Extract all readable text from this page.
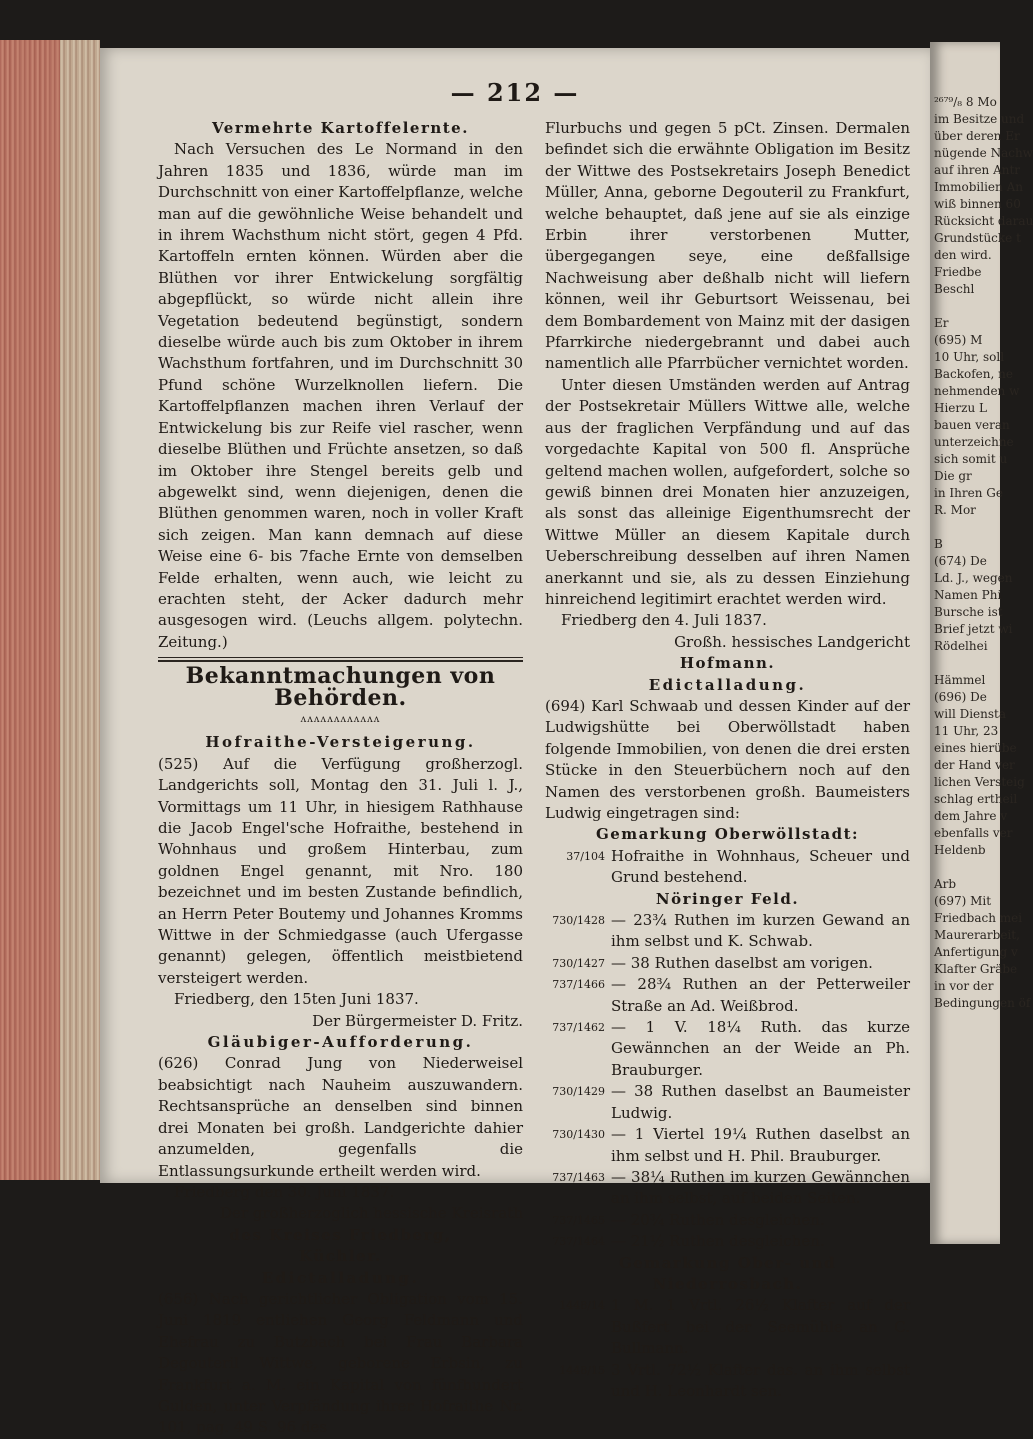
— 212 —

Vermehrte Kartoffelernte.

Nach Versuchen des Le Normand in den Jahren 1835 und 1836, würde man im Durchschnitt von einer Kartoffelpflanze, welche man auf die gewöhnliche Weise behandelt und in ihrem Wachsthum nicht stört, gegen 4 Pfd. Kartoffeln ernten können. Würden aber die Blüthen vor ihrer Entwickelung sorgfältig abgepflückt, so würde nicht allein ihre Vegetation bedeutend begünstigt, sondern dieselbe würde auch bis zum Oktober in ihrem Wachsthum fortfahren, und im Durchschnitt 30 Pfund schöne Wurzelknollen liefern. Die Kartoffelpflanzen machen ihren Verlauf der Entwickelung bis zur Reife viel rascher, wenn dieselbe Blüthen und Früchte ansetzen, so daß im Oktober ihre Stengel bereits gelb und abgewelkt sind, wenn diejenigen, denen die Blüthen genommen waren, noch in voller Kraft sich zeigen. Man kann demnach auf diese Weise eine 6- bis 7fache Ernte von demselben Felde erhalten, wenn auch, wie leicht zu erachten steht, der Acker dadurch mehr ausgesogen wird. (Leuchs allgem. polytechn. Zeitung.)

Bekanntmachungen von Behörden.

ᴧᴧᴧᴧᴧᴧᴧᴧᴧᴧᴧᴧ

Hofraithe-Versteigerung.

(525) Auf die Verfügung großherzogl. Landgerichts soll, Montag den 31. Juli l. J., Vormittags um 11 Uhr, in hiesigem Rathhause die Jacob Engel'sche Hofraithe, bestehend in Wohnhaus und großem Hinterbau, zum goldnen Engel genannt, mit Nro. 180 bezeichnet und im besten Zustande befindlich, an Herrn Peter Boutemy und Johannes Kromms Wittwe in der Schmiedgasse (auch Ufergasse genannt) gelegen, öffentlich meistbietend versteigert werden.

Friedberg, den 15ten Juni 1837.

Der Bürgermeister D. Fritz.

Gläubiger-Aufforderung.

(626) Conrad Jung von Niederweisel beabsichtigt nach Nauheim auszuwandern. Rechtsansprüche an denselben sind binnen drei Monaten bei großh. Landgerichte dahier anzumelden, gegenfalls die Entlassungsurkunde ertheilt werden wird.

Friedberg den 30. Juni 1837.

Der großherzoglich hessische Kreisrath

des Kreises Friedberg,

Küchler.

Edictalladung.

(656) Nach gerichtlicher Obligation vom 15. Juni 1819 entliehen Georg Feldmann und Ehefrau zu Butzbach bei Frau Barbara Degouteril Wittwe, geborene Erbsin, zu Frankfurt a. M. ein Kapital von fünfhundert Gulden, unter Verpfändung ihrer Hofraithe Nr. 101, pag. 49 S. 96 des

Flurbuchs und gegen 5 pCt. Zinsen. Dermalen befindet sich die erwähnte Obligation im Besitz der Wittwe des Postsekretairs Joseph Benedict Müller, Anna, geborne Degouteril zu Frankfurt, welche behauptet, daß jene auf sie als einzige Erbin ihrer verstorbenen Mutter, übergegangen seye, eine deßfallsige Nachweisung aber deßhalb nicht will liefern können, weil ihr Geburtsort Weissenau, bei dem Bombardement von Mainz mit der dasigen Pfarrkirche niedergebrannt und dabei auch namentlich alle Pfarrbücher vernichtet worden.

Unter diesen Umständen werden auf Antrag der Postsekretair Müllers Wittwe alle, welche aus der fraglichen Verpfändung und auf das vorgedachte Kapital von 500 fl. Ansprüche geltend machen wollen, aufgefordert, solche so gewiß binnen drei Monaten hier anzuzeigen, als sonst das alleinige Eigenthumsrecht der Wittwe Müller an diesem Kapitale durch Ueberschreibung desselben auf ihren Namen anerkannt und sie, als zu dessen Einziehung hinreichend legitimirt erachtet werden wird.

Friedberg den 4. Juli 1837.

Großh. hessisches Landgericht

Hofmann.

Edictalladung.

(694) Karl Schwaab und dessen Kinder auf der Ludwigshütte bei Oberwöllstadt haben folgende Immobilien, von denen die drei ersten Stücke in den Steuerbüchern noch auf den Namen des verstorbenen großh. Baumeisters Ludwig eingetragen sind:

Gemarkung Oberwöllstadt:

37/104 Hofraithe in Wohnhaus, Scheuer und Grund bestehend.

Nöringer Feld.

730/1428 — 23¾ Ruthen im kurzen Gewand an ihm selbst und K. Schwab.
730/1427 — 38 Ruthen daselbst am vorigen.
737/1466 — 28¾ Ruthen an der Petterweiler Straße an Ad. Weißbrod.
737/1462 — 1 V. 18¼ Ruth. das kurze Gewännchen an der Weide an Ph. Brauburger.
730/1429 — 38 Ruthen daselbst an Baumeister Ludwig.
730/1430 — 1 Viertel 19¼ Ruthen daselbst an ihm selbst und H. Phil. Brauburger.
737/1463 — 38¼ Ruthen im kurzen Gewännchen an ihm selbst, auf beiden Seiten.
737/1465 — 20¾ Ruthen desgleichen.
737/1464 — 21½ Ruthen desgleichen.

Gemarkung Ober- und Niederrosbach.

1448/14 1 M. 1 Vrtl. 26½ Klafter auf der Bußfert bei der Seemühle an C. Bullmann.
1448/15 3 Vrtl. 72½ Klafter das. an ihm selbst und H. Leonhardt sen.
²⁶⁷⁹/₈ 8 Mo
im Besitze und
über deren Er
nügende Nachw
auf ihren Antr
Immobilien An
wiß binnen 60
Rücksicht darau
Grundstücke t
den wird.
Friedbe
Beschl

Er
(695) M
10 Uhr, soll
Backofen, ne
nehmenden w
Hierzu L
bauen veran
unterzeichne
sich somit u
Die gr
in Ihren Ge
R. Mor

B
(674) De
Ld. J., wegen
Namen Phi
Bursche ist
Brief jetzt wi
Rödelhei

Hämmel
(696) De
will Diensta
11 Uhr, 23
eines hierübe
der Hand ver
lichen Versteig
schlag ertheil
dem Jahre v
ebenfalls ver
Heldenb

Arb
(697) Mit
Friedbach mei
Maurerarbeit,
Anfertigung v
Klafter Gräbe
in vor der
Bedingungen öf
